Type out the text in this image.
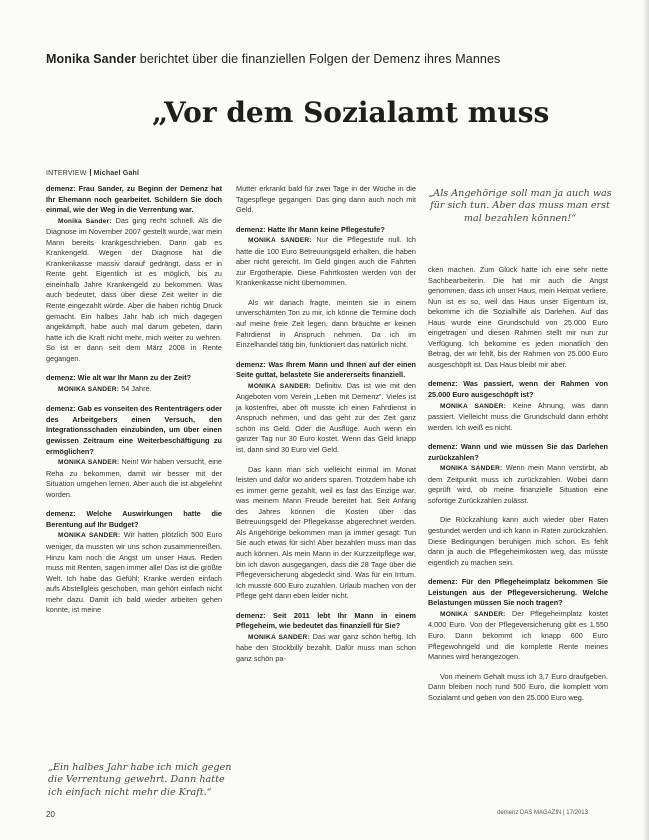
Monika Sander berichtet über die finanziellen Folgen der Demenz ihres Mannes
„Vor dem Sozialamt muss
INTERVIEW Michael Gahl

demenz: Frau Sander, zu Beginn der Demenz hat Ihr Ehemann noch gearbeitet. Schildern Sie doch einmal, wie der Weg in die Verrentung war.

Monika Sander: Das ging recht schnell. Als die Diagnose im November 2007 gestellt wurde, war mein Mann bereits krankgeschrieben. Dann gab es Krankengeld. Wegen der Diagnose hat die Krankenkasse massiv darauf gedrängt, dass er in Rente geht. Eigentlich ist es möglich, bis zu eineinhalb Jahre Krankengeld zu bekommen. Was auch bedeutet, dass über diese Zeit weiter in die Rente eingezahlt würde. Aber die haben richtig Druck gemacht. Ein halbes Jahr hab ich mich dagegen angekämpft, habe auch mal darum gebeten, darin hatte ich die Kraft nicht mehr, mich weiter zu wehren. So ist er dann seit dem März 2008 in Rente gegangen.

demenz: Wie alt war Ihr Mann zu der Zeit?

MONIKA SANDER: 54 Jahre.

demenz: Gab es vonseiten des Rententrägers oder des Arbeitgebers einen Versuch, den Integrationsschaden einzubinden, um über einen gewissen Zeitraum eine Weiterbeschäftigung zu ermöglichen?

MONIKA SANDER: Nein! Wir haben versucht, eine Reha zu bekommen, damit wir besser mit der Situation umgehen lernen. Aber auch die ist abgelehnt worden.

demenz: Welche Auswirkungen hatte die Berentung auf Ihr Budget?

MONIKA SANDER: Wir hatten plötzlich 500 Euro weniger, da mussten wir uns schon zusammenreißen. Hinzu kam noch die Angst um unser Haus. Reden muss mit Renten, sagen immer alle! Das ist die größte Welt. Ich habe das Gefühl: Kranke werden einfach aufs Abstellgleis geschoben, man gehört einfach nicht mehr dazu. Damit ich bald wieder arbeiten gehen konnte, ist meine

Mutter erkrankt bald für zwei Tage in der Woche in die Tagespflege gegangen. Das ging dann auch noch mit Geld.

demenz: Hatte Ihr Mann keine Pflegestufe?

MONIKA SANDER: Nur die Pflegestufe null. Ich hatte die 100 Euro Betreuungsgeld erhalten, die haben aber nicht gereicht. Im Geld gingen auch die Fahrten zur Ergotherapie. Diese Fahrtkosten werden von der Krankenkasse nicht übernommen.

Als wir danach fragte, meinten sie in einem unverschämten Ton zu mir, ich könne die Termine doch auf meine freie Zeit legen, dann bräuchte er keinen Fahrdienst in Anspruch nehmen. Da ich im Einzelhandel tätig bin, funktioniert das natürlich nicht.

demenz: Was Ihrem Mann und Ihnen auf der einen Seite guttat, belastete Sie andererseits finanziell.

MONIKA SANDER: Definitiv. Das ist wie mit den Angeboten vom Verein „Leben mit Demenz“. Vieles ist ja kostenfrei, aber oft musste ich einen Fahrdienst in Anspruch nehmen, und das geht zur der Zeit ganz schön ins Geld. Oder die Ausflüge. Auch wenn ein ganzer Tag nur 30 Euro kostet. Wenn das Geld knapp ist, dann sind 30 Euro viel Geld.

Das kann man sich vielleicht einmal im Monat leisten und dafür wo anders sparen. Trotzdem habe ich es immer gerne gezahlt, weil es fast das Einzige war, was meinem Mann Freude bereitet hat. Seit Anfang des Jahres können die Kosten über das Betreuungsgeld der Pflegekasse abgerechnet werden. Als Angehörige bekommen man ja immer gesagt: Tun Sie auch etwas für sich! Aber bezahlen muss man das auch können. Als mein Mann in der Kurzzeitpflege war, bin ich davon ausgegangen, dass die 28 Tage über die Pflegeversicherung abgedeckt sind. Was für ein Irrtum. Ich musste 600 Euro zuzahlen. Urlaub machen von der Pflege geht dann eben leider nicht.

demenz: Seit 2011 lebt Ihr Mann in einem Pflegeheim, wie bedeutet das finanziell für Sie?

MONIKA SANDER: Das war ganz schön heftig. Ich habe den Stockbilly bezahlt. Dafür muss man schon ganz schön pa-

cken machen. Zum Glück hatte ich eine sehr nette Sachbearbeiterin. Die hat mir auch die Angst genommen, dass ich unser Haus, mein Heimat verliere. Nun ist es so, weil das Haus unser Eigentum ist, bekomme ich die Sozialhilfe als Darlehen. Auf das Haus wurde eine Grundschuld von 25.000 Euro eingetragen und diesen Rahmen stellt mir nun zur Verfügung. Ich bekomme es jeden monatlich den Betrag, der wir fehlt, bis der Rahmen von 25.000 Euro ausgeschöpft ist. Das Haus bleibt mir aber.

demenz: Was passiert, wenn der Rahmen von 25.000 Euro ausgeschöpft ist?

MONIKA SANDER: Keine Ahnung, was dann passiert. Vielleicht muss die Grundschuld dann erhöht werden. Ich weiß es nicht.

demenz: Wann und wie müssen Sie das Darlehen zurückzahlen?

MONIKA SANDER: Wenn mein Mann verstirbt, ab dem Zeitpunkt muss ich zurückzahlen. Wobei dann geprüft wird, ob meine finanzielle Situation eine sofortige Zurückzahlen zulässt.

Die Rückzahlung kann auch wieder über Raten gestundet werden und ich kann in Raten zurückzahlen. Diese Bedingungen beruhigen mich schon. Es fehlt dann ja auch die Pflegeheimkosten weg, das müsste eigentlich zu machen sein.

demenz: Für den Pflegeheimplatz bekommen Sie Leistungen aus der Pflegeversicherung. Welche Belastungen müssen Sie noch tragen?

MONIKA SANDER: Der Pflegeheimplatz kostet 4.000 Euro. Von der Pflegeversicherung gibt es 1.550 Euro. Dann bekommt ich knapp 600 Euro Pflegewohngeld und die komplette Rente meines Mannes wird herangezogen.

Von meinem Gehalt muss ich 3,7 Euro draufgeben. Dann bleiben noch rund 500 Euro, die komplett vom Sozialamt und geben von den 25.000 Euro weg.

„Als Angehörige soll man ja auch was für sich tun. Aber das muss man erst mal bezahlen können!“
„Ein halbes Jahr habe ich mich gegen die Verrentung gewehrt. Dann hatte ich einfach nicht mehr die Kraft.“
20	demenz DAS MAGAZIN | 17/2013
